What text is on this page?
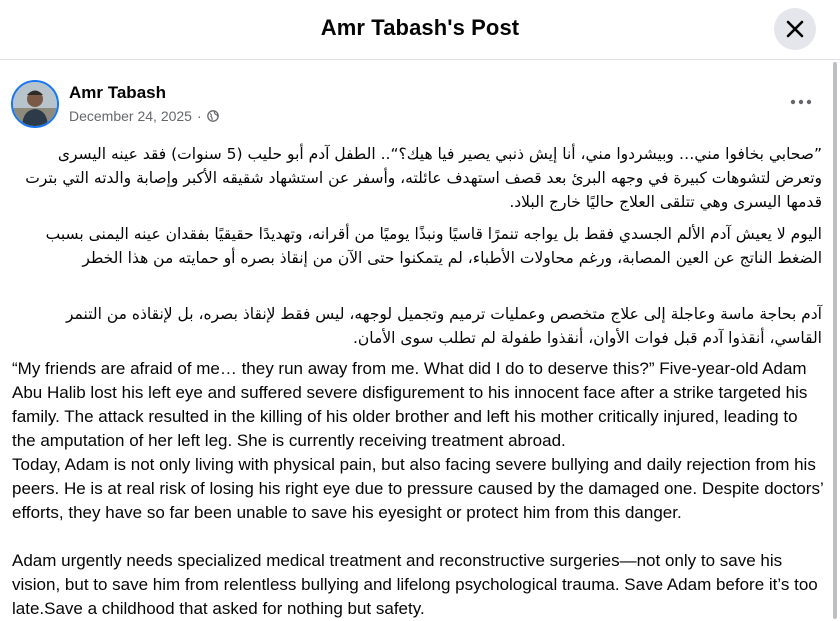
Amr Tabash's Post
Amr Tabash
December 24, 2025 ·

”صحابي بخافوا مني… وبيشردوا مني، أنا إيش ذنبي يصير فيا هيك؟“.. الطفل آدم أبو حليب (5 سنوات) فقد عينه اليسرى وتعرض لتشوهات كبيرة في وجهه البرئ بعد قصف استهدف عائلته، وأسفر عن استشهاد شقيقه الأكبر وإصابة والدته التي بترت قدمها اليسرى وهي تتلقى العلاج حاليًا خارج البلاد.

اليوم لا يعيش آدم الألم الجسدي فقط بل يواجه تنمرًا قاسيًا ونبذًا يوميًا من أقرانه، وتهديدًا حقيقيًا بفقدان عينه اليمنى بسبب الضغط الناتج عن العين المصابة، ورغم محاولات الأطباء، لم يتمكنوا حتى الآن من إنقاذ بصره أو حمايته من هذا الخطر

آدم بحاجة ماسة وعاجلة إلى علاج متخصص وعمليات ترميم وتجميل لوجهه، ليس فقط لإنقاذ بصره، بل لإنقاذه من التنمر القاسي، أنقذوا آدم قبل فوات الأوان، أنقذوا طفولة لم تطلب سوى الأمان.

“My friends are afraid of me… they run away from me. What did I do to deserve this?” Five-year-old Adam Abu Halib lost his left eye and suffered severe disfigurement to his innocent face after a strike targeted his family. The attack resulted in the killing of his older brother and left his mother critically injured, leading to the amputation of her left leg. She is currently receiving treatment abroad.

Today, Adam is not only living with physical pain, but also facing severe bullying and daily rejection from his peers. He is at real risk of losing his right eye due to pressure caused by the damaged one. Despite doctors’ efforts, they have so far been unable to save his eyesight or protect him from this danger.

Adam urgently needs specialized medical treatment and reconstructive surgeries—not only to save his vision, but to save him from relentless bullying and lifelong psychological trauma. Save Adam before it’s too late.Save a childhood that asked for nothing but safety.
